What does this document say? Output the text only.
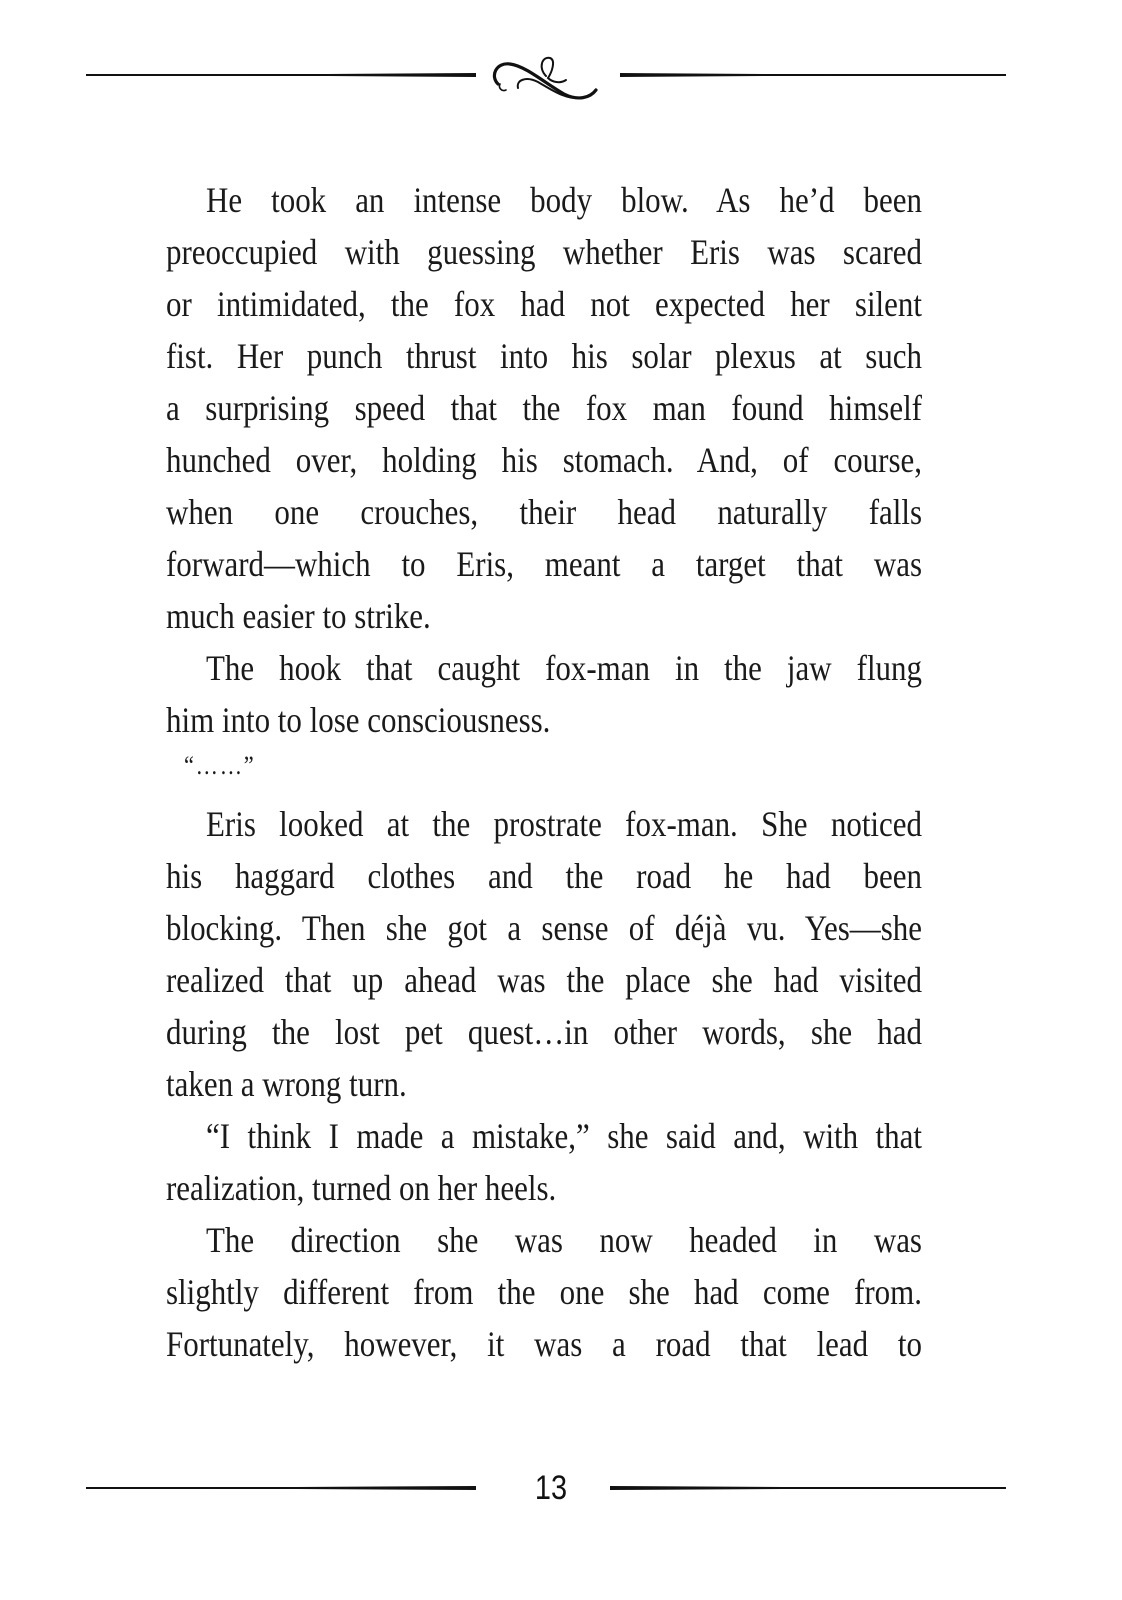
He took an intense body blow. As he’d been
preoccupied with guessing whether Eris was scared
or intimidated, the fox had not expected her silent
fist. Her punch thrust into his solar plexus at such
a surprising speed that the fox man found himself
hunched over, holding his stomach. And, of course,
when one crouches, their head naturally falls
forward—which to Eris, meant a target that was
much easier to strike.
The hook that caught fox-man in the jaw flung
him into to lose consciousness.
“……”
Eris looked at the prostrate fox-man. She noticed
his haggard clothes and the road he had been
blocking. Then she got a sense of déjà vu. Yes—she
realized that up ahead was the place she had visited
during the lost pet quest…in other words, she had
taken a wrong turn.
“I think I made a mistake,” she said and, with that
realization, turned on her heels.
The direction she was now headed in was
slightly different from the one she had come from.
Fortunately, however, it was a road that lead to
13
